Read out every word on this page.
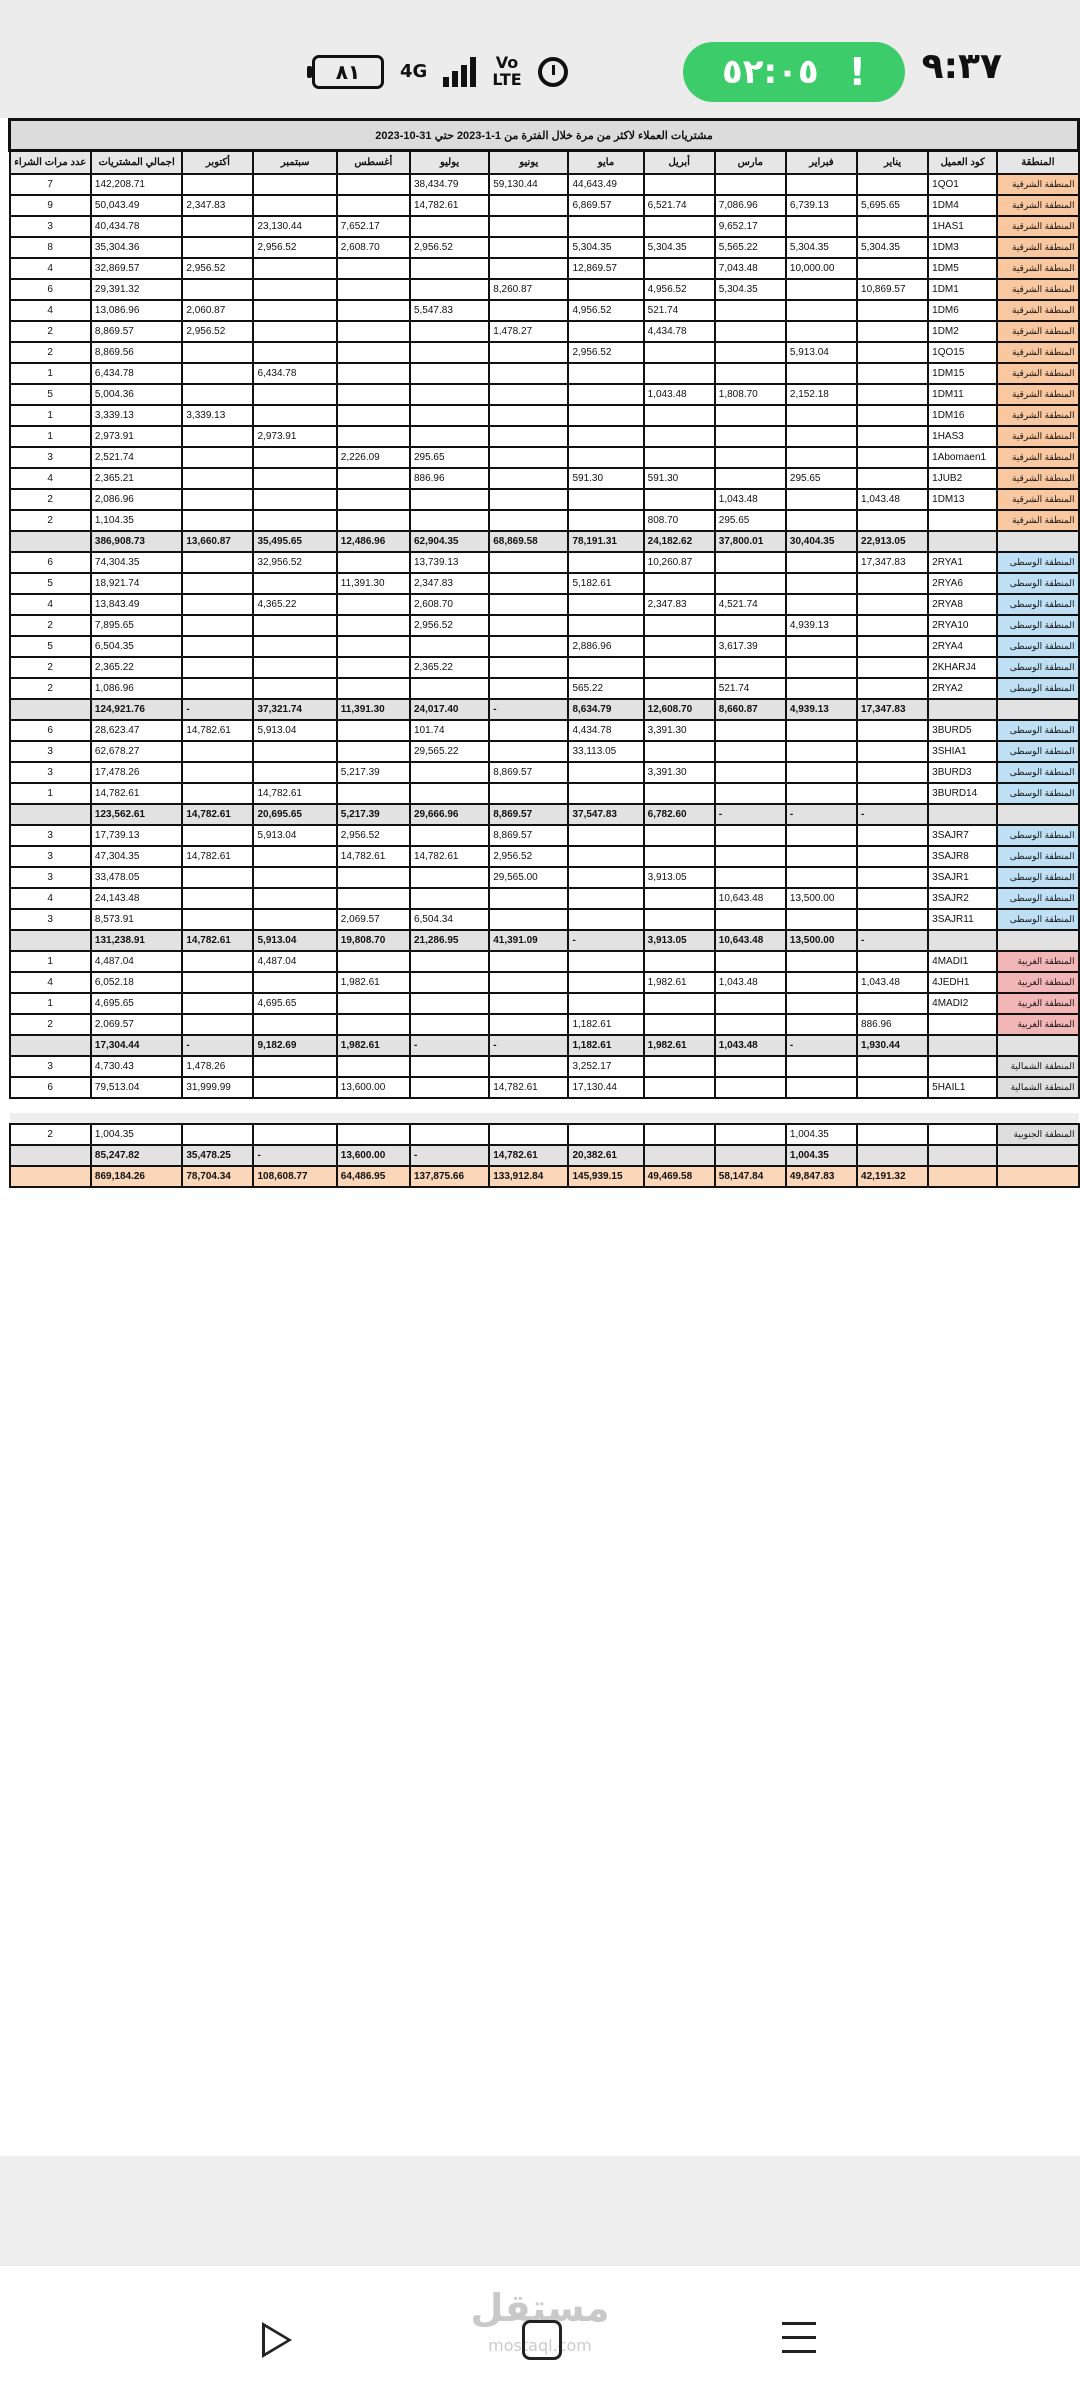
٩:٣٧
٥٢:٠٥ !
٨١ 4G	Vo
LTE
مشتريات العملاء لاكثر من مرة خلال الفترة من 1-1-2023 حتي 31-10-2023													
المنطقة	كود العميل	يناير	فبراير	مارس	أبريل	مايو	يونيو	يوليو	أغسطس	سبتمبر	أكتوبر	اجمالي المشتريات	عدد مرات الشراء
المنطقة الشرقية	1QO1					44,643.49	59,130.44	38,434.79				142,208.71	7
المنطقة الشرقية	1DM4	5,695.65	6,739.13	7,086.96	6,521.74	6,869.57		14,782.61			2,347.83	50,043.49	9
المنطقة الشرقية	1HAS1			9,652.17					7,652.17	23,130.44		40,434.78	3
المنطقة الشرقية	1DM3	5,304.35	5,304.35	5,565.22	5,304.35	5,304.35		2,956.52	2,608.70	2,956.52		35,304.36	8
المنطقة الشرقية	1DM5		10,000.00	7,043.48		12,869.57					2,956.52	32,869.57	4
المنطقة الشرقية	1DM1	10,869.57		5,304.35	4,956.52		8,260.87					29,391.32	6
المنطقة الشرقية	1DM6				521.74	4,956.52		5,547.83			2,060.87	13,086.96	4
المنطقة الشرقية	1DM2				4,434.78		1,478.27				2,956.52	8,869.57	2
المنطقة الشرقية	1QO15		5,913.04			2,956.52						8,869.56	2
المنطقة الشرقية	1DM15									6,434.78		6,434.78	1
المنطقة الشرقية	1DM11		2,152.18	1,808.70	1,043.48							5,004.36	5
المنطقة الشرقية	1DM16										3,339.13	3,339.13	1
المنطقة الشرقية	1HAS3									2,973.91		2,973.91	1
المنطقة الشرقية	1Abomaen1							295.65	2,226.09			2,521.74	3
المنطقة الشرقية	1JUB2		295.65		591.30	591.30		886.96				2,365.21	4
المنطقة الشرقية	1DM13	1,043.48		1,043.48								2,086.96	2
المنطقة الشرقية				295.65	808.70							1,104.35	2
		22,913.05	30,404.35	37,800.01	24,182.62	78,191.31	68,869.58	62,904.35	12,486.96	35,495.65	13,660.87	386,908.73	
المنطقة الوسطى	2RYA1	17,347.83			10,260.87			13,739.13		32,956.52		74,304.35	6
المنطقة الوسطى	2RYA6					5,182.61		2,347.83	11,391.30			18,921.74	5
المنطقة الوسطى	2RYA8			4,521.74	2,347.83			2,608.70		4,365.22		13,843.49	4
المنطقة الوسطى	2RYA10		4,939.13					2,956.52				7,895.65	2
المنطقة الوسطى	2RYA4			3,617.39		2,886.96						6,504.35	5
المنطقة الوسطى	2KHARJ4							2,365.22				2,365.22	2
المنطقة الوسطى	2RYA2			521.74		565.22						1,086.96	2
		17,347.83	4,939.13	8,660.87	12,608.70	8,634.79	-	24,017.40	11,391.30	37,321.74	-	124,921.76	
المنطقة الوسطى	3BURD5				3,391.30	4,434.78		101.74		5,913.04	14,782.61	28,623.47	6
المنطقة الوسطى	3SHIA1					33,113.05		29,565.22				62,678.27	3
المنطقة الوسطى	3BURD3				3,391.30		8,869.57		5,217.39			17,478.26	3
المنطقة الوسطى	3BURD14									14,782.61		14,782.61	1
		-	-	-	6,782.60	37,547.83	8,869.57	29,666.96	5,217.39	20,695.65	14,782.61	123,562.61	
المنطقة الوسطى	3SAJR7						8,869.57		2,956.52	5,913.04		17,739.13	3
المنطقة الوسطى	3SAJR8						2,956.52	14,782.61	14,782.61		14,782.61	47,304.35	3
المنطقة الوسطى	3SAJR1				3,913.05		29,565.00					33,478.05	3
المنطقة الوسطى	3SAJR2		13,500.00	10,643.48								24,143.48	4
المنطقة الوسطى	3SAJR11							6,504.34	2,069.57			8,573.91	3
		-	13,500.00	10,643.48	3,913.05	-	41,391.09	21,286.95	19,808.70	5,913.04	14,782.61	131,238.91	
المنطقة الغربية	4MADI1									4,487.04		4,487.04	1
المنطقة الغربية	4JEDH1	1,043.48		1,043.48	1,982.61				1,982.61			6,052.18	4
المنطقة الغربية	4MADI2									4,695.65		4,695.65	1
المنطقة الغربية		886.96				1,182.61						2,069.57	2
		1,930.44	-	1,043.48	1,982.61	1,182.61	-	-	1,982.61	9,182.69	-	17,304.44	
المنطقة الشمالية						3,252.17					1,478.26	4,730.43	3
المنطقة الشمالية	5HAIL1					17,130.44	14,782.61		13,600.00		31,999.99	79,513.04	6

المنطقة الجنوبية			1,004.35									1,004.35	2
			1,004.35			20,382.61	14,782.61	-	13,600.00	-	35,478.25	85,247.82	
		42,191.32	49,847.83	58,147.84	49,469.58	145,939.15	133,912.84	137,875.66	64,486.95	108,608.77	78,704.34	869,184.26	
مستقل
mostaql.com
